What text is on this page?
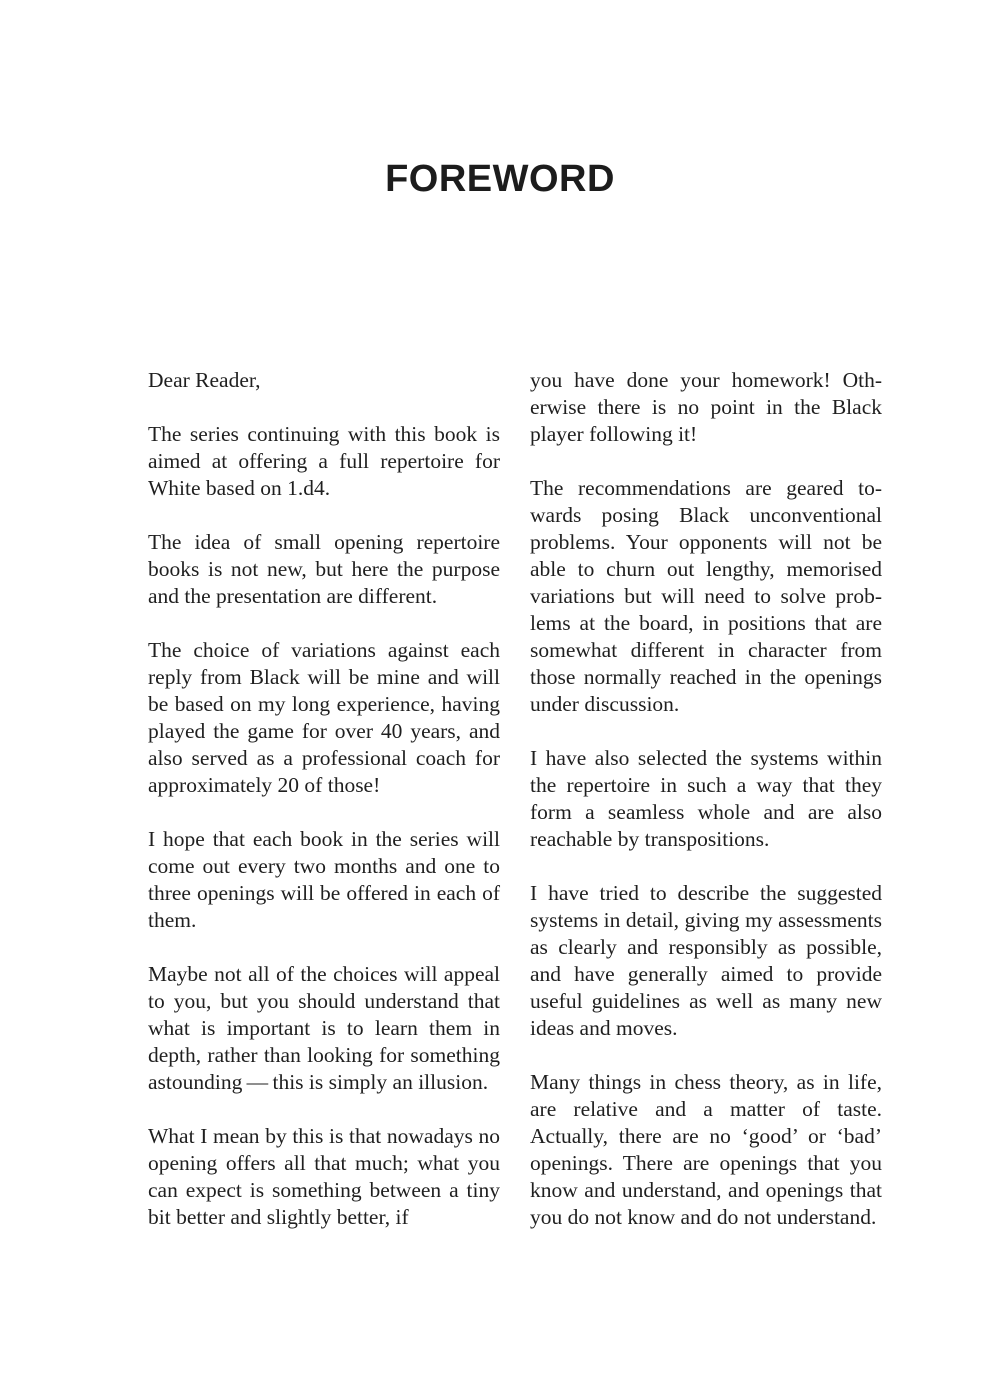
FOREWORD

Dear Reader,

The series continuing with this book is aimed at offering a full repertoire for White based on 1.d4.

The idea of small opening repertoire books is not new, but here the purpose and the presentation are different.

The choice of variations against each reply from Black will be mine and will be based on my long experience, having played the game for over 40 years, and also served as a professional coach for approximately 20 of those!

I hope that each book in the series will come out every two months and one to three openings will be offered in each of them.

Maybe not all of the choices will appeal to you, but you should understand that what is important is to learn them in depth, rather than looking for something astounding — this is simply an illusion.

What I mean by this is that nowadays no opening offers all that much; what you can expect is something between a tiny bit better and slightly better, if

you have done your homework! Otherwise there is no point in the Black player following it!

The recommendations are geared towards posing Black unconventional problems. Your opponents will not be able to churn out lengthy, memorised variations but will need to solve problems at the board, in positions that are somewhat different in character from those normally reached in the openings under discussion.

I have also selected the systems within the repertoire in such a way that they form a seamless whole and are also reachable by transpositions.

I have tried to describe the suggested systems in detail, giving my assessments as clearly and responsibly as possible, and have generally aimed to provide useful guidelines as well as many new ideas and moves.

Many things in chess theory, as in life, are relative and a matter of taste. Actually, there are no ‘good’ or ‘bad’ openings. There are openings that you know and understand, and openings that you do not know and do not understand.
